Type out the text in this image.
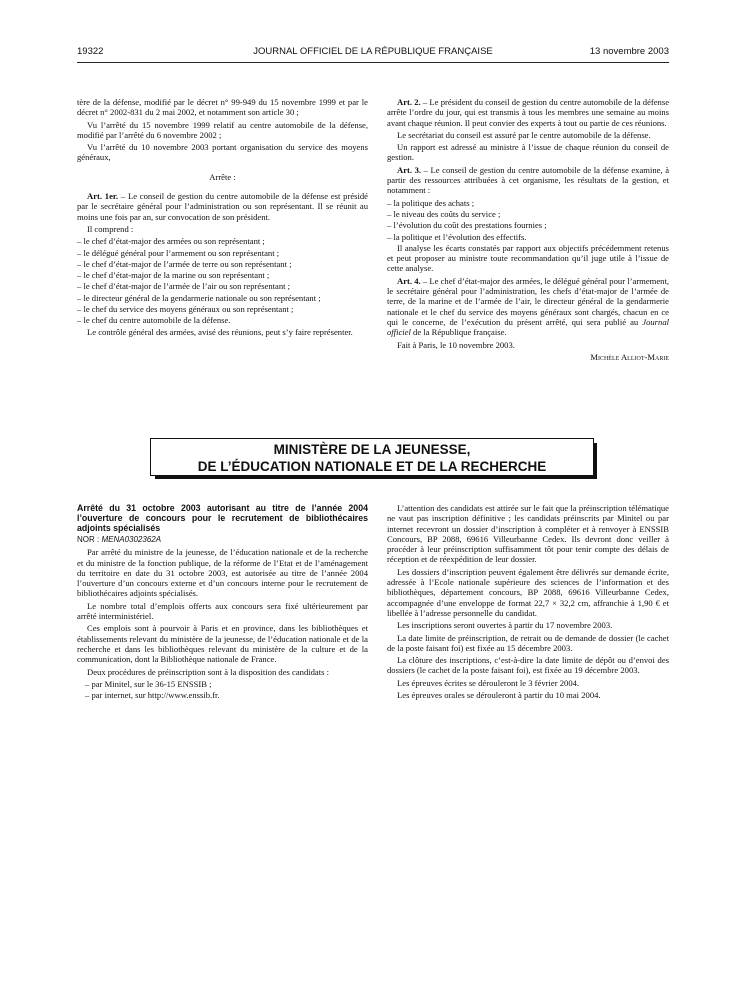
19322	JOURNAL OFFICIEL DE LA RÉPUBLIQUE FRANÇAISE	13 novembre 2003

tère de la défense, modifié par le décret n° 99-949 du 15 novembre 1999 et par le décret n° 2002-831 du 2 mai 2002, et notamment son article 30 ;

Vu l’arrêté du 15 novembre 1999 relatif au centre automobile de la défense, modifié par l’arrêté du 6 novembre 2002 ;

Vu l’arrêté du 10 novembre 2003 portant organisation du service des moyens généraux,

Arrête :

Art. 1er. – Le conseil de gestion du centre automobile de la défense est présidé par le secrétaire général pour l’administration ou son représentant. Il se réunit au moins une fois par an, sur convocation de son président.

Il comprend :

– le chef d’état-major des armées ou son représentant ;

– le délégué général pour l’armement ou son représentant ;

– le chef d’état-major de l’armée de terre ou son représentant ;

– le chef d’état-major de la marine ou son représentant ;

– le chef d’état-major de l’armée de l’air ou son représentant ;

– le directeur général de la gendarmerie nationale ou son représentant ;

– le chef du service des moyens généraux ou son représentant ;

– le chef du centre automobile de la défense.

Le contrôle général des armées, avisé des réunions, peut s’y faire représenter.

Art. 2. – Le président du conseil de gestion du centre automobile de la défense arrête l’ordre du jour, qui est transmis à tous les membres une semaine au moins avant chaque réunion. Il peut convier des experts à tout ou partie de ces réunions.

Le secrétariat du conseil est assuré par le centre automobile de la défense.

Un rapport est adressé au ministre à l’issue de chaque réunion du conseil de gestion.

Art. 3. – Le conseil de gestion du centre automobile de la défense examine, à partir des ressources attribuées à cet organisme, les résultats de la gestion, et notamment :

– la politique des achats ;

– le niveau des coûts du service ;

– l’évolution du coût des prestations fournies ;

– la politique et l’évolution des effectifs.

Il analyse les écarts constatés par rapport aux objectifs précédemment retenus et peut proposer au ministre toute recommandation qu’il juge utile à l’issue de cette analyse.

Art. 4. – Le chef d’état-major des armées, le délégué général pour l’armement, le secrétaire général pour l’administration, les chefs d’état-major de l’armée de terre, de la marine et de l’armée de l’air, le directeur général de la gendarmerie nationale et le chef du service des moyens généraux sont chargés, chacun en ce qui le concerne, de l’exécution du présent arrêté, qui sera publié au Journal officiel de la République française.

Fait à Paris, le 10 novembre 2003.

Michèle Alliot-Marie

MINISTÈRE DE LA JEUNESSE,
DE L’ÉDUCATION NATIONALE ET DE LA RECHERCHE

Arrêté du 31 octobre 2003 autorisant au titre de l’année 2004 l’ouverture de concours pour le recrutement de bibliothécaires adjoints spécialisés

NOR : MENA0302362A

Par arrêté du ministre de la jeunesse, de l’éducation nationale et de la recherche et du ministre de la fonction publique, de la réforme de l’Etat et de l’aménagement du territoire en date du 31 octobre 2003, est autorisée au titre de l’année 2004 l’ouverture d’un concours externe et d’un concours interne pour le recrutement de bibliothécaires adjoints spécialisés.

Le nombre total d’emplois offerts aux concours sera fixé ultérieurement par arrêté interministériel.

Ces emplois sont à pourvoir à Paris et en province, dans les bibliothèques et établissements relevant du ministère de la jeunesse, de l’éducation nationale et de la recherche et dans les bibliothèques relevant du ministère de la culture et de la communication, dont la Bibliothèque nationale de France.

Deux procédures de préinscription sont à la disposition des candidats :

– par Minitel, sur le 36-15 ENSSIB ;

– par internet, sur http://www.enssib.fr.

L’attention des candidats est attirée sur le fait que la préinscription télématique ne vaut pas inscription définitive ; les candidats préinscrits par Minitel ou par internet recevront un dossier d’inscription à compléter et à renvoyer à ENSSIB Concours, BP 2088, 69616 Villeurbanne Cedex. Ils devront donc veiller à procéder à leur préinscription suffisamment tôt pour tenir compte des délais de réception et de réexpédition de leur dossier.

Les dossiers d’inscription peuvent également être délivrés sur demande écrite, adressée à l’Ecole nationale supérieure des sciences de l’information et des bibliothèques, département concours, BP 2088, 69616 Villeurbanne Cedex, accompagnée d’une enveloppe de format 22,7 × 32,2 cm, affranchie à 1,90 € et libellée à l’adresse personnelle du candidat.

Les inscriptions seront ouvertes à partir du 17 novembre 2003.

La date limite de préinscription, de retrait ou de demande de dossier (le cachet de la poste faisant foi) est fixée au 15 décembre 2003.

La clôture des inscriptions, c’est-à-dire la date limite de dépôt ou d’envoi des dossiers (le cachet de la poste faisant foi), est fixée au 19 décembre 2003.

Les épreuves écrites se dérouleront le 3 février 2004.

Les épreuves orales se dérouleront à partir du 10 mai 2004.
